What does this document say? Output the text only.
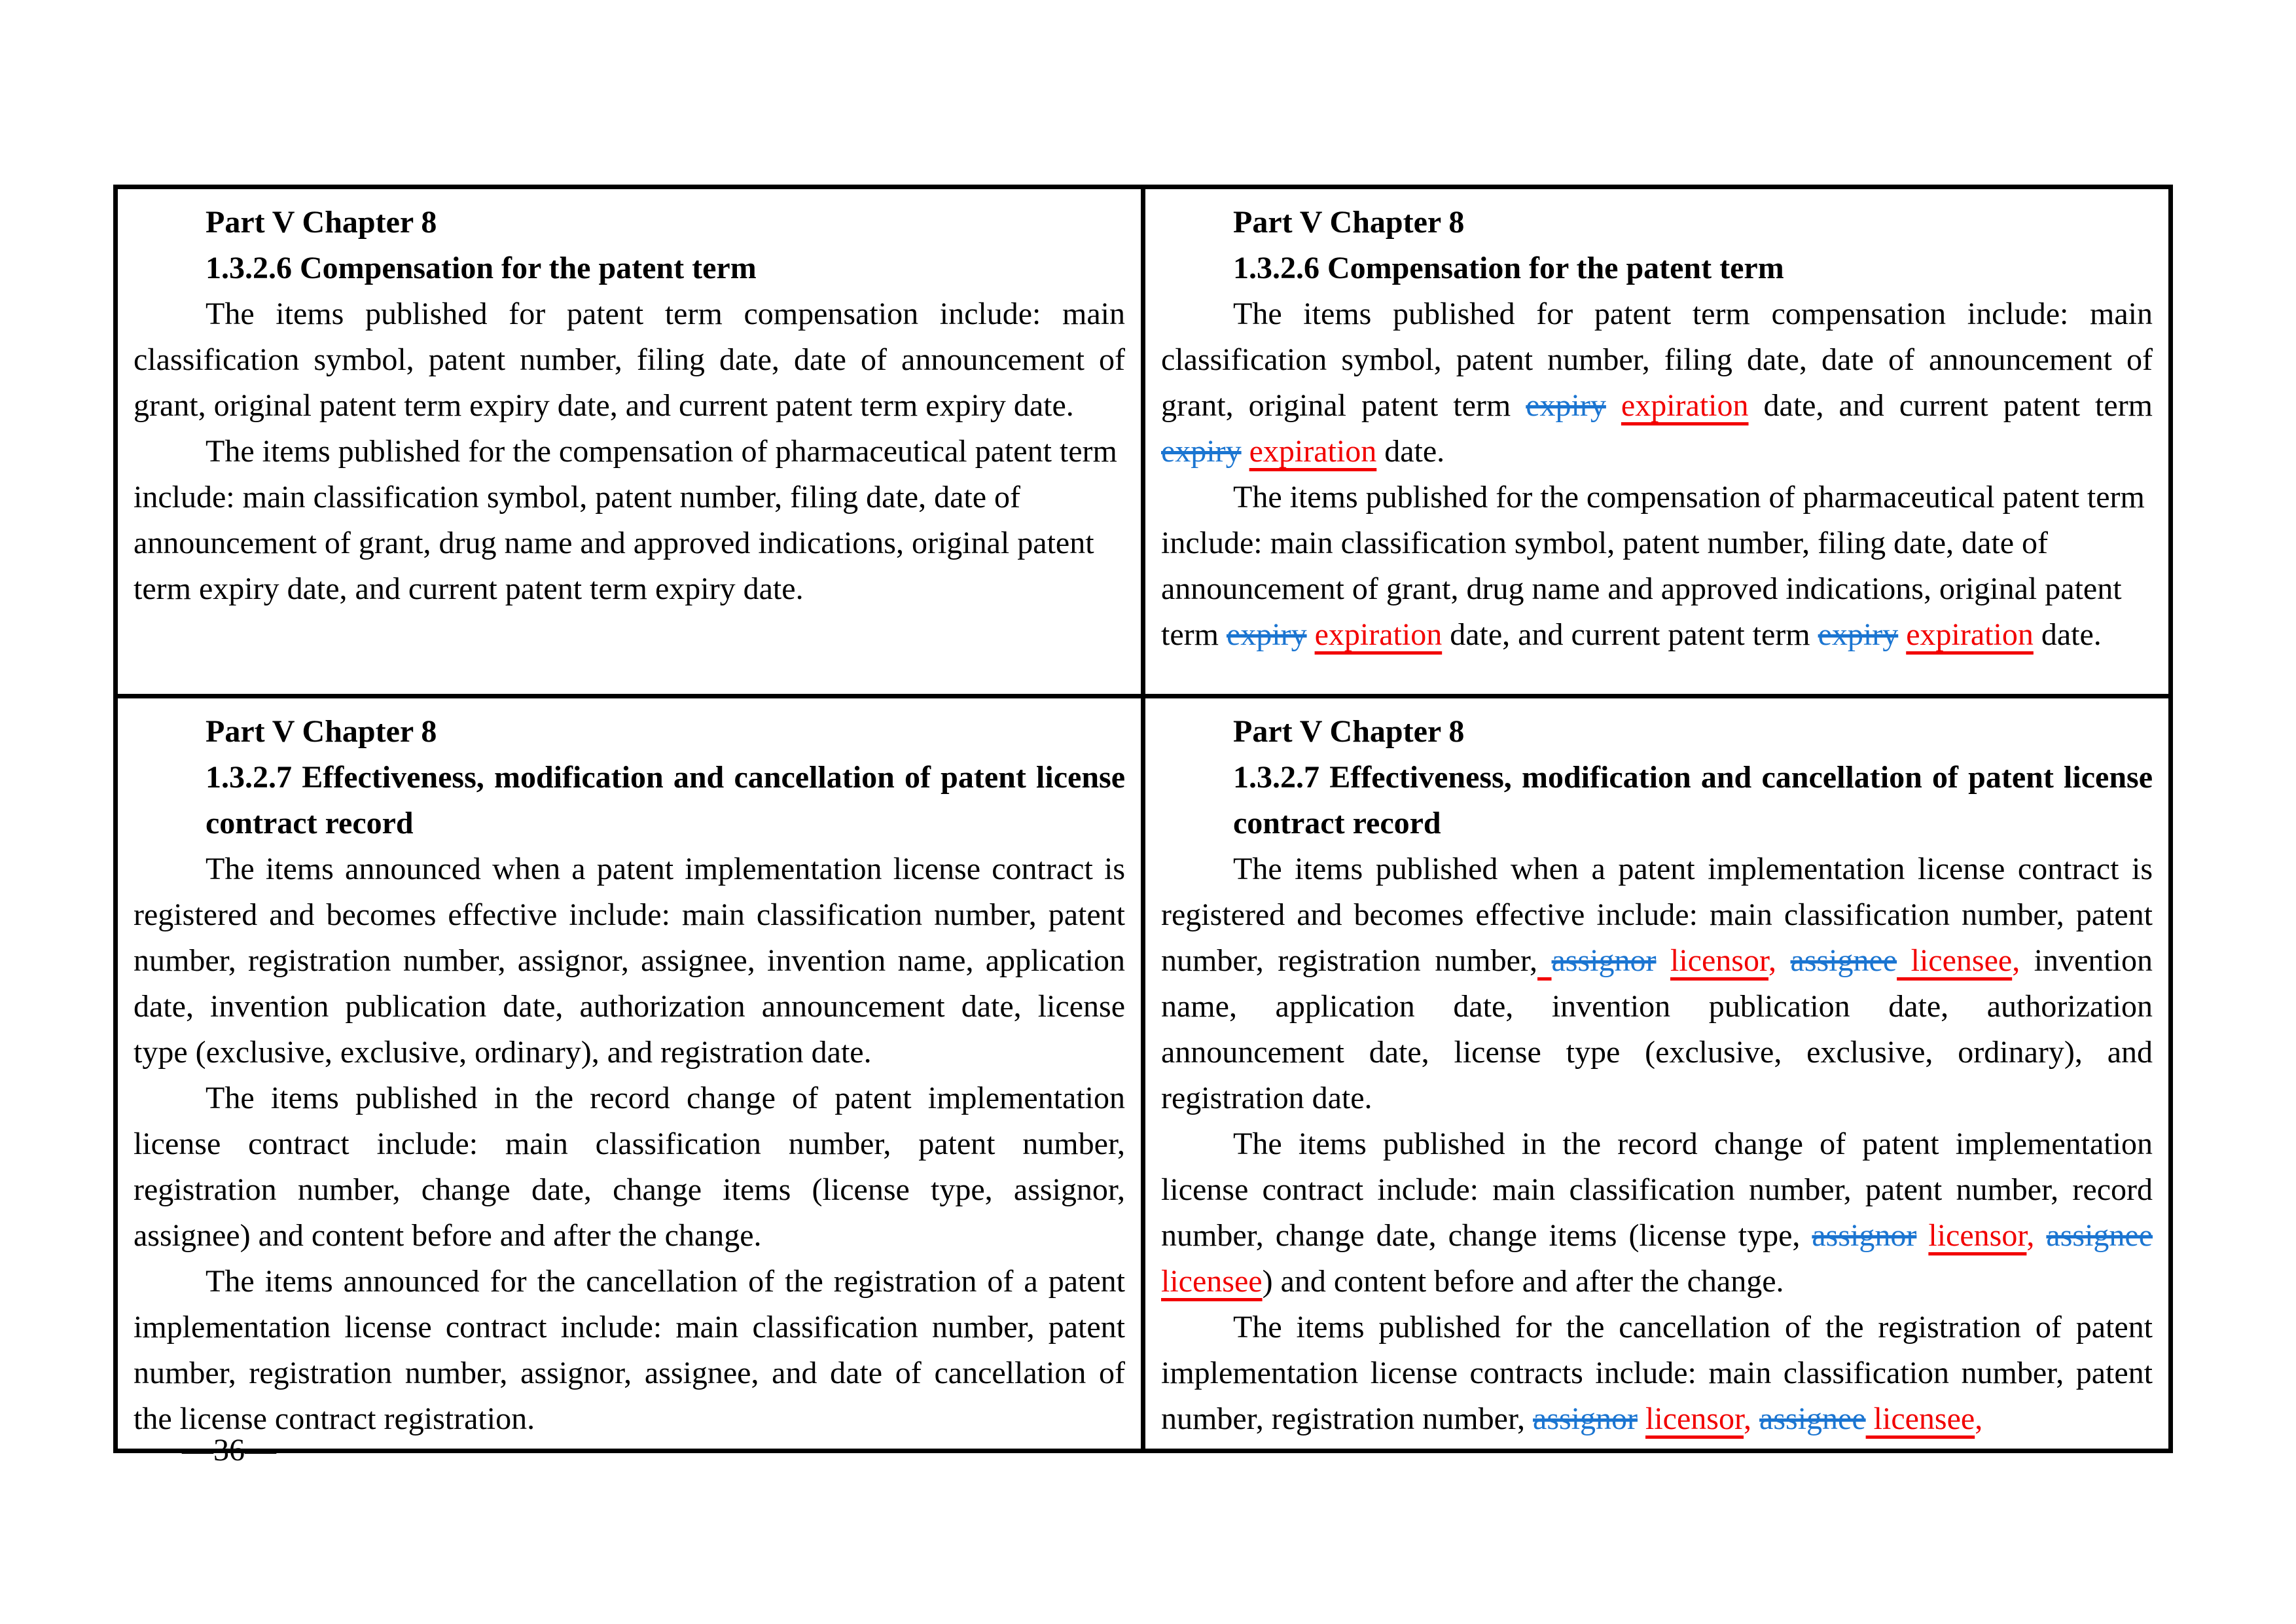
Part V Chapter 8

1.3.2.6 Compensation for the patent term

The items published for patent term compensation include: main classification symbol, patent number, filing date, date of announcement of grant, original patent term expiry date, and current patent term expiry date.

The items published for the compensation of pharmaceutical patent term include: main classification symbol, patent number, filing date, date of announcement of grant, drug name and approved indications, original patent term expiry date, and current patent term expiry date.

Part V Chapter 8

1.3.2.6 Compensation for the patent term

The items published for patent term compensation include: main classification symbol, patent number, filing date, date of announcement of grant, original patent term expiry expiration date, and current patent term expiry expiration date.

The items published for the compensation of pharmaceutical patent term include: main classification symbol, patent number, filing date, date of announcement of grant, drug name and approved indications, original patent term expiry expiration date, and current patent term expiry expiration date.

Part V Chapter 8

1.3.2.7 Effectiveness, modification and cancellation of patent license contract record

The items announced when a patent implementation license contract is registered and becomes effective include: main classification number, patent number, registration number, assignor, assignee, invention name, application date, invention publication date, authorization announcement date, license type (exclusive, exclusive, ordinary), and registration date.

The items published in the record change of patent implementation license contract include: main classification number, patent number, registration number, change date, change items (license type, assignor, assignee) and content before and after the change.

The items announced for the cancellation of the registration of a patent implementation license contract include: main classification number, patent number, registration number, assignor, assignee, and date of cancellation of the license contract registration.

Part V Chapter 8

1.3.2.7 Effectiveness, modification and cancellation of patent license contract record

The items published when a patent implementation license contract is registered and becomes effective include: main classification number, patent number, registration number, assignor licensor, assignee licensee, invention name, application date, invention publication date, authorization announcement date, license type (exclusive, exclusive, ordinary), and registration date.

The items published in the record change of patent implementation license contract include: main classification number, patent number, record number, change date, change items (license type, assignor licensor, assignee licensee) and content before and after the change.

The items published for the cancellation of the registration of patent implementation license contracts include: main classification number, patent number, registration number, assignor licensor, assignee licensee,

—36—
